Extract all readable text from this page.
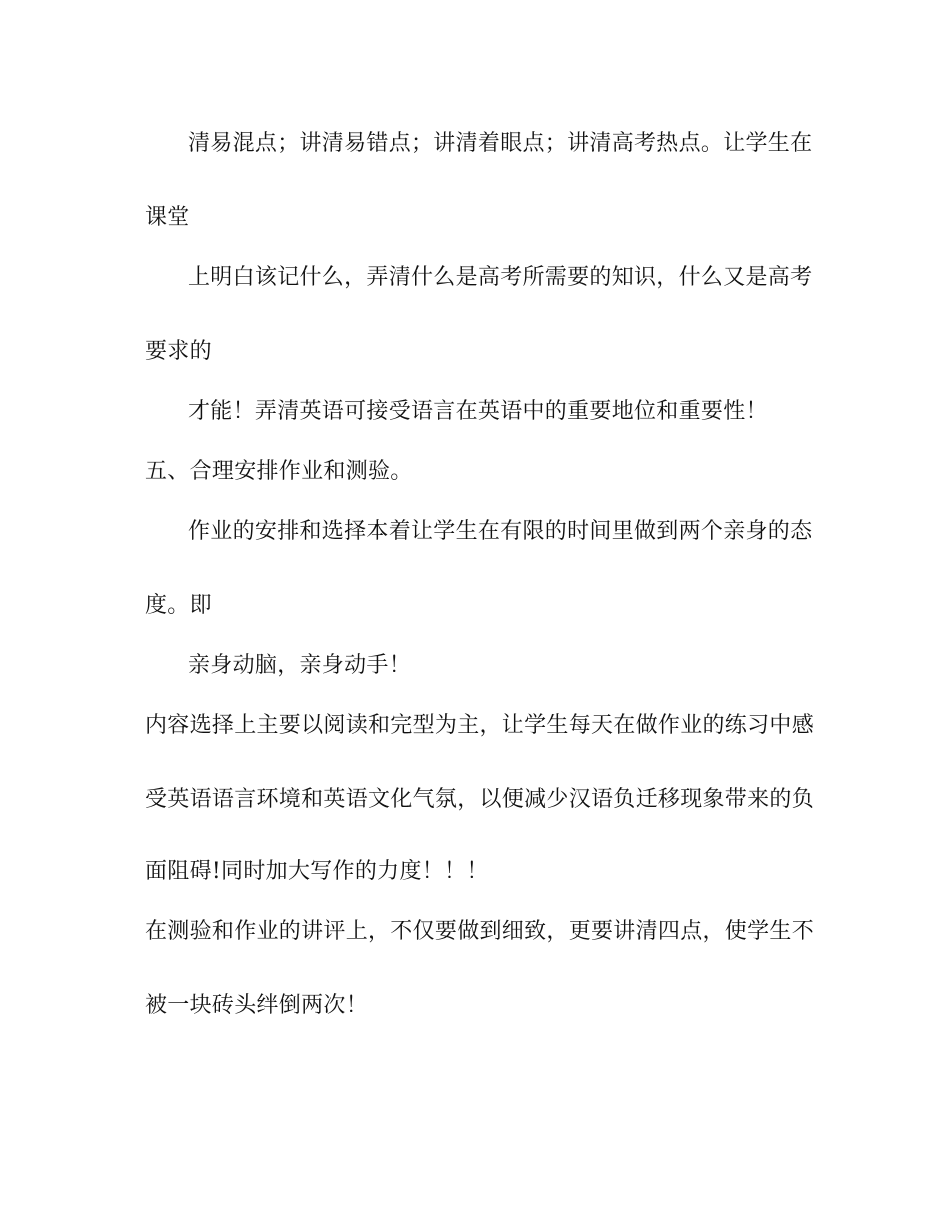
清易混点；讲清易错点；讲清着眼点；讲清高考热点。让学生在
课堂
上明白该记什么，弄清什么是高考所需要的知识，什么又是高考
要求的
才能！弄清英语可接受语言在英语中的重要地位和重要性！
五、合理安排作业和测验。
作业的安排和选择本着让学生在有限的时间里做到两个亲身的态
度。即
亲身动脑，亲身动手！
内容选择上主要以阅读和完型为主，让学生每天在做作业的练习中感
受英语语言环境和英语文化气氛，以便减少汉语负迁移现象带来的负
面阻碍!同时加大写作的力度！！！
在测验和作业的讲评上，不仅要做到细致，更要讲清四点，使学生不
被一块砖头绊倒两次！
